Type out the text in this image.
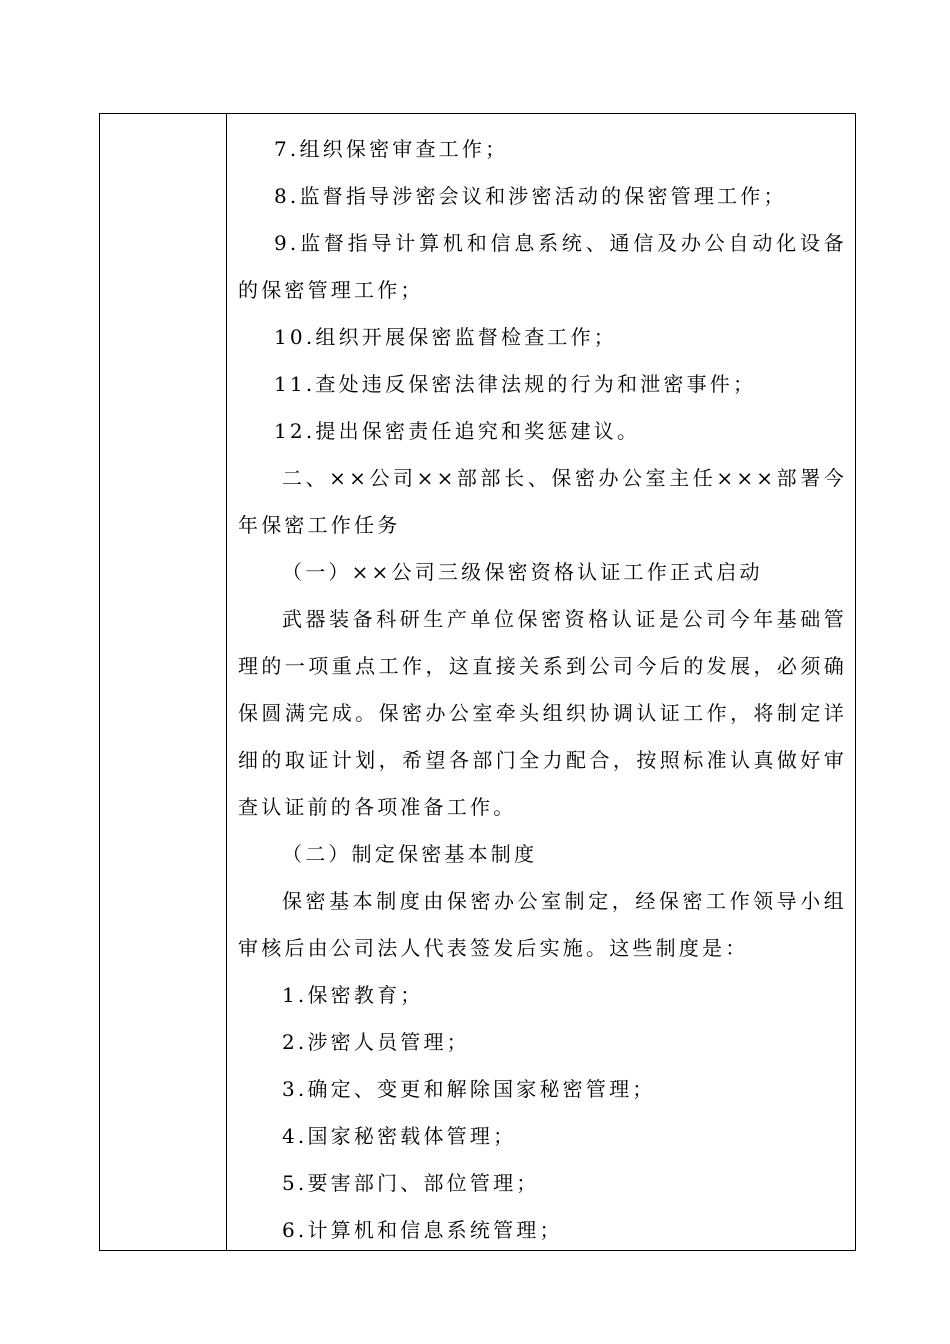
7.组织保密审查工作；

8.监督指导涉密会议和涉密活动的保密管理工作；

9.监督指导计算机和信息系统、通信及办公自动化设备的保密管理工作；

10.组织开展保密监督检查工作；

11.查处违反保密法律法规的行为和泄密事件；

12.提出保密责任追究和奖惩建议。

二、××公司××部部长、保密办公室主任×××部署今年保密工作任务

（一）××公司三级保密资格认证工作正式启动

武器装备科研生产单位保密资格认证是公司今年基础管理的一项重点工作，这直接关系到公司今后的发展，必须确保圆满完成。保密办公室牵头组织协调认证工作，将制定详细的取证计划，希望各部门全力配合，按照标准认真做好审查认证前的各项准备工作。

（二）制定保密基本制度

保密基本制度由保密办公室制定，经保密工作领导小组审核后由公司法人代表签发后实施。这些制度是：

1.保密教育；

2.涉密人员管理；

3.确定、变更和解除国家秘密管理；

4.国家秘密载体管理；

5.要害部门、部位管理；

6.计算机和信息系统管理；
